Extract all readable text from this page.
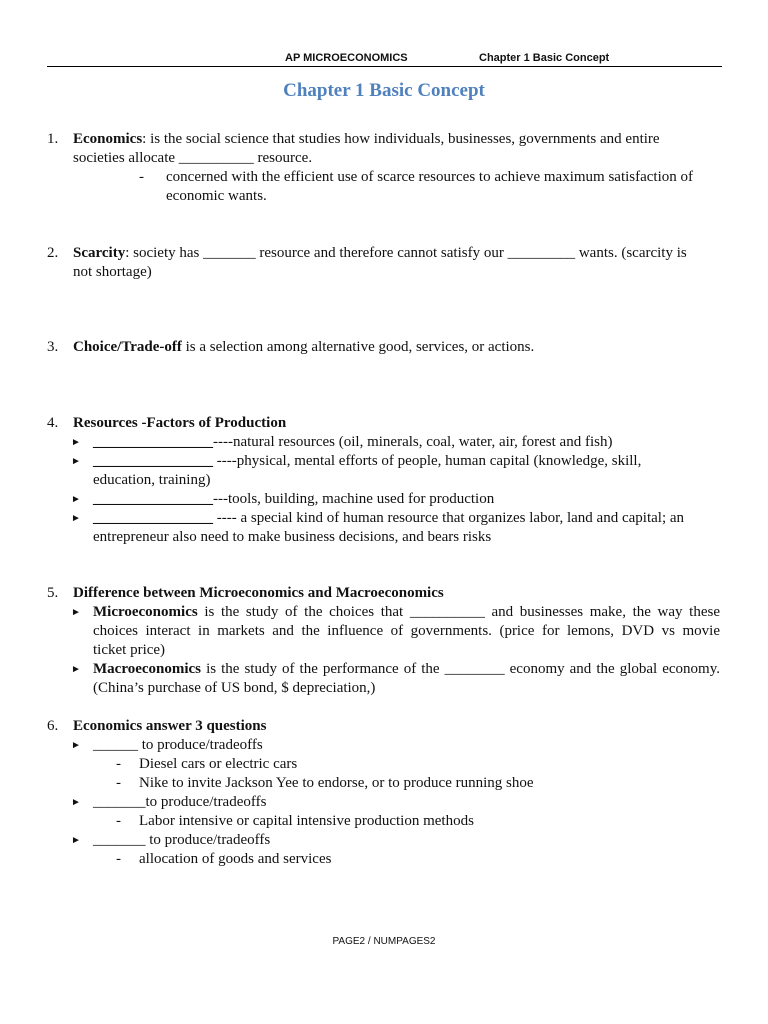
AP MICROECONOMICS	Chapter 1 Basic Concept
Chapter 1 Basic Concept
1. Economics: is the social science that studies how individuals, businesses, governments and entire
societies allocate __________ resource.
- concerned with the efficient use of scarce resources to achieve maximum satisfaction of
economic wants.
2. Scarcity: society has _______ resource and therefore cannot satisfy our _________ wants. (scarcity is
not shortage)
3. Choice/Trade-off is a selection among alternative good, services, or actions.
4. Resources -Factors of Production
► ________________----natural resources (oil, minerals, coal, water, air, forest and fish)
► ________________ ----physical, mental efforts of people, human capital (knowledge, skill,
education, training)
► ________________---tools, building, machine used for production
► ________________ ---- a special kind of human resource that organizes labor, land and capital; an
entrepreneur also need to make business decisions, and bears risks
5. Difference between Microeconomics and Macroeconomics
► Microeconomics is the study of the choices that __________ and businesses make, the way these
choices interact in markets and the influence of governments. (price for lemons, DVD vs movie
ticket price)
► Macroeconomics is the study of the performance of the ________ economy and the global economy.
(China’s purchase of US bond, $ depreciation,)
6. Economics answer 3 questions
► ______ to produce/tradeoffs
- Diesel cars or electric cars
- Nike to invite Jackson Yee to endorse, or to produce running shoe
► _______to produce/tradeoffs
- Labor intensive or capital intensive production methods
► _______ to produce/tradeoffs
- allocation of goods and services
PAGE2 / NUMPAGES2
